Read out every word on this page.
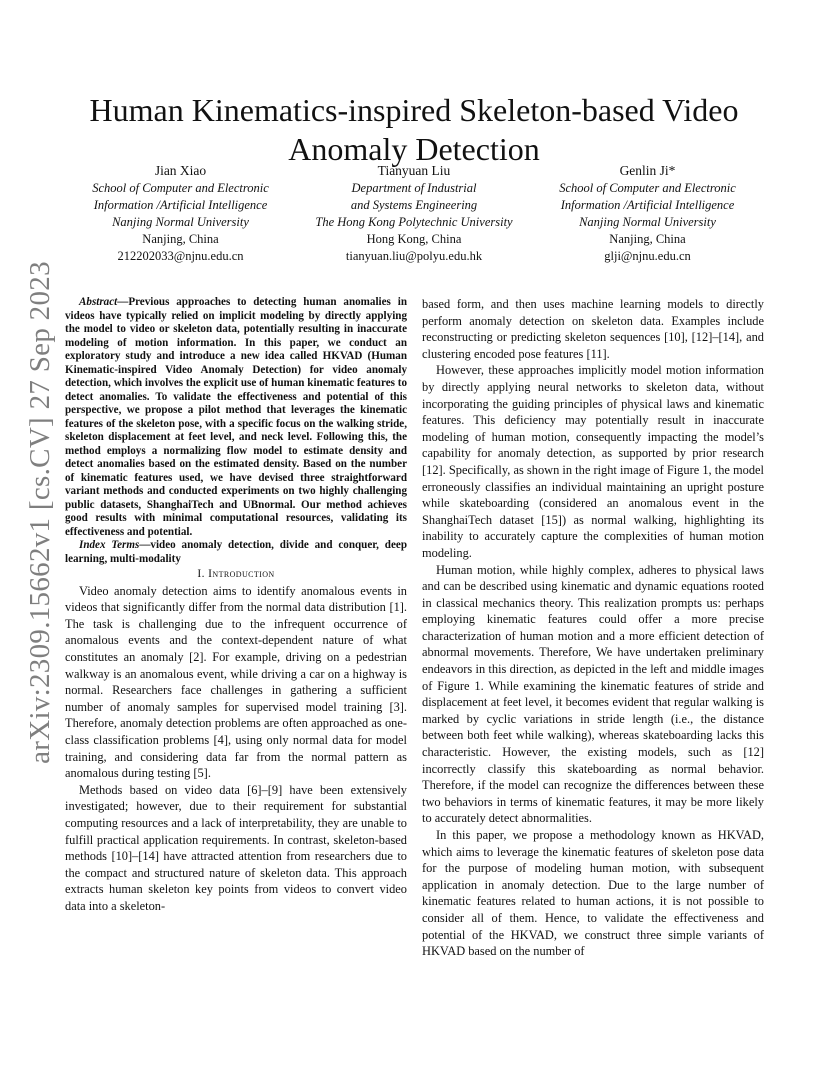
arXiv:2309.15662v1 [cs.CV] 27 Sep 2023
Human Kinematics-inspired Skeleton-based Video Anomaly Detection
Jian Xiao
School of Computer and Electronic
Information /Artificial Intelligence
Nanjing Normal University
Nanjing, China
212202033@njnu.edu.cn
Tianyuan Liu
Department of Industrial
and Systems Engineering
The Hong Kong Polytechnic University
Hong Kong, China
tianyuan.liu@polyu.edu.hk
Genlin Ji*
School of Computer and Electronic
Information /Artificial Intelligence
Nanjing Normal University
Nanjing, China
glji@njnu.edu.cn

Abstract—Previous approaches to detecting human anomalies in videos have typically relied on implicit modeling by directly applying the model to video or skeleton data, potentially resulting in inaccurate modeling of motion information. In this paper, we conduct an exploratory study and introduce a new idea called HKVAD (Human Kinematic-inspired Video Anomaly Detection) for video anomaly detection, which involves the explicit use of human kinematic features to detect anomalies. To validate the effectiveness and potential of this perspective, we propose a pilot method that leverages the kinematic features of the skeleton pose, with a specific focus on the walking stride, skeleton displacement at feet level, and neck level. Following this, the method employs a normalizing flow model to estimate density and detect anomalies based on the estimated density. Based on the number of kinematic features used, we have devised three straightforward variant methods and conducted experiments on two highly challenging public datasets, ShanghaiTech and UBnormal. Our method achieves good results with minimal computational resources, validating its effectiveness and potential.

Index Terms—video anomaly detection, divide and conquer, deep learning, multi-modality

I. Introduction

Video anomaly detection aims to identify anomalous events in videos that significantly differ from the normal data distribution [1]. The task is challenging due to the infrequent occurrence of anomalous events and the context-dependent nature of what constitutes an anomaly [2]. For example, driving on a pedestrian walkway is an anomalous event, while driving a car on a highway is normal. Researchers face challenges in gathering a sufficient number of anomaly samples for supervised model training [3]. Therefore, anomaly detection problems are often approached as one-class classification problems [4], using only normal data for model training, and considering data far from the normal pattern as anomalous during testing [5].

Methods based on video data [6]–[9] have been extensively investigated; however, due to their requirement for substantial computing resources and a lack of interpretability, they are unable to fulfill practical application requirements. In contrast, skeleton-based methods [10]–[14] have attracted attention from researchers due to the compact and structured nature of skeleton data. This approach extracts human skeleton key points from videos to convert video data into a skeleton-

based form, and then uses machine learning models to directly perform anomaly detection on skeleton data. Examples include reconstructing or predicting skeleton sequences [10], [12]–[14], and clustering encoded pose features [11].

However, these approaches implicitly model motion information by directly applying neural networks to skeleton data, without incorporating the guiding principles of physical laws and kinematic features. This deficiency may potentially result in inaccurate modeling of human motion, consequently impacting the model’s capability for anomaly detection, as supported by prior research [12]. Specifically, as shown in the right image of Figure 1, the model erroneously classifies an individual maintaining an upright posture while skateboarding (considered an anomalous event in the ShanghaiTech dataset [15]) as normal walking, highlighting its inability to accurately capture the complexities of human motion modeling.

Human motion, while highly complex, adheres to physical laws and can be described using kinematic and dynamic equations rooted in classical mechanics theory. This realization prompts us: perhaps employing kinematic features could offer a more precise characterization of human motion and a more efficient detection of abnormal movements. Therefore, We have undertaken preliminary endeavors in this direction, as depicted in the left and middle images of Figure 1. While examining the kinematic features of stride and displacement at feet level, it becomes evident that regular walking is marked by cyclic variations in stride length (i.e., the distance between both feet while walking), whereas skateboarding lacks this characteristic. However, the existing models, such as [12] incorrectly classify this skateboarding as normal behavior. Therefore, if the model can recognize the differences between these two behaviors in terms of kinematic features, it may be more likely to accurately detect abnormalities.

In this paper, we propose a methodology known as HKVAD, which aims to leverage the kinematic features of skeleton pose data for the purpose of modeling human motion, with subsequent application in anomaly detection. Due to the large number of kinematic features related to human actions, it is not possible to consider all of them. Hence, to validate the effectiveness and potential of the HKVAD, we construct three simple variants of HKVAD based on the number of
